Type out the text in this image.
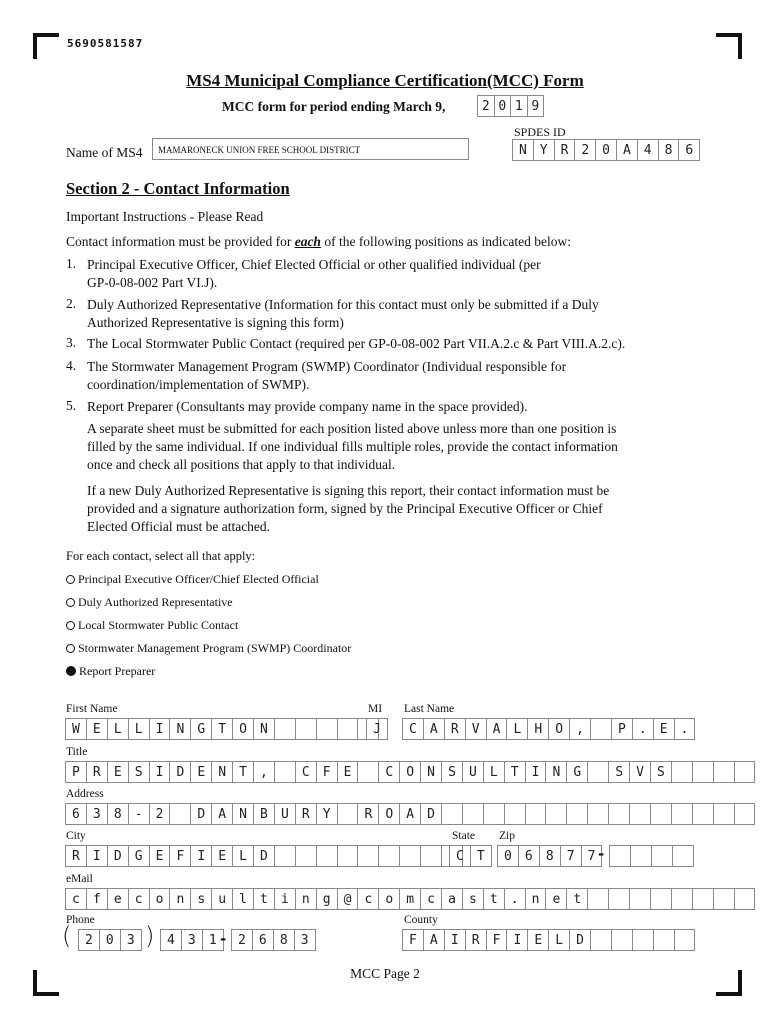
5690581587
MS4 Municipal Compliance Certification(MCC) Form
MCC form for period ending March 9,	2 0 1 9
SPDES ID
N Y R 2 0 A 4 8 6
Name of MS4	MAMARONECK UNION FREE SCHOOL DISTRICT
Section 2 - Contact Information
Important Instructions - Please Read
Contact information must be provided for each of the following positions as indicated below:
1. Principal Executive Officer, Chief Elected Official or other qualified individual (per
GP-0-08-002 Part VI.J).
2. Duly Authorized Representative (Information for this contact must only be submitted if a Duly
Authorized Representative is signing this form)
3. The Local Stormwater Public Contact (required per GP-0-08-002 Part VII.A.2.c & Part VIII.A.2.c).
4. The Stormwater Management Program (SWMP) Coordinator (Individual responsible for
coordination/implementation of SWMP).
5. Report Preparer (Consultants may provide company name in the space provided).
A separate sheet must be submitted for each position listed above unless more than one position is
filled by the same individual. If one individual fills multiple roles, provide the contact information
once and check all positions that apply to that individual.
If a new Duly Authorized Representative is signing this report, their contact information must be
provided and a signature authorization form, signed by the Principal Executive Officer or Chief
Elected Official must be attached.
For each contact, select all that apply:
Principal Executive Officer/Chief Elected Official
Duly Authorized Representative
Local Stormwater Public Contact
Stormwater Management Program (SWMP) Coordinator
Report Preparer
First Name
W	E	L	L	I	N	G	T	O	N
MI
J
Last Name
C	A	R	V	A	L	H	O	,	P	.	E	.
Title
P	R	E	S	I	D	E	N	T	,	C	F	E	C	O	N	S	U	L	T	I	N	G	S	V	S
Address
6	3	8	-	2	D	A	N	B	U	R	Y	R	O	A	D
City
R	I	D	G	E	F	I	E	L	D
State
C	T
Zip
0	6	8	7	7 -
eMail
c	f	e	c	o	n	s	u	l	t	i	n	g	@	c	o	m	c	a	s	t	.	n	e	t
Phone
(	2	0	3 ) 4	3	1 - 2	6	8	3
County
F	A	I	R	F	I	E	L	D
MCC Page 2
